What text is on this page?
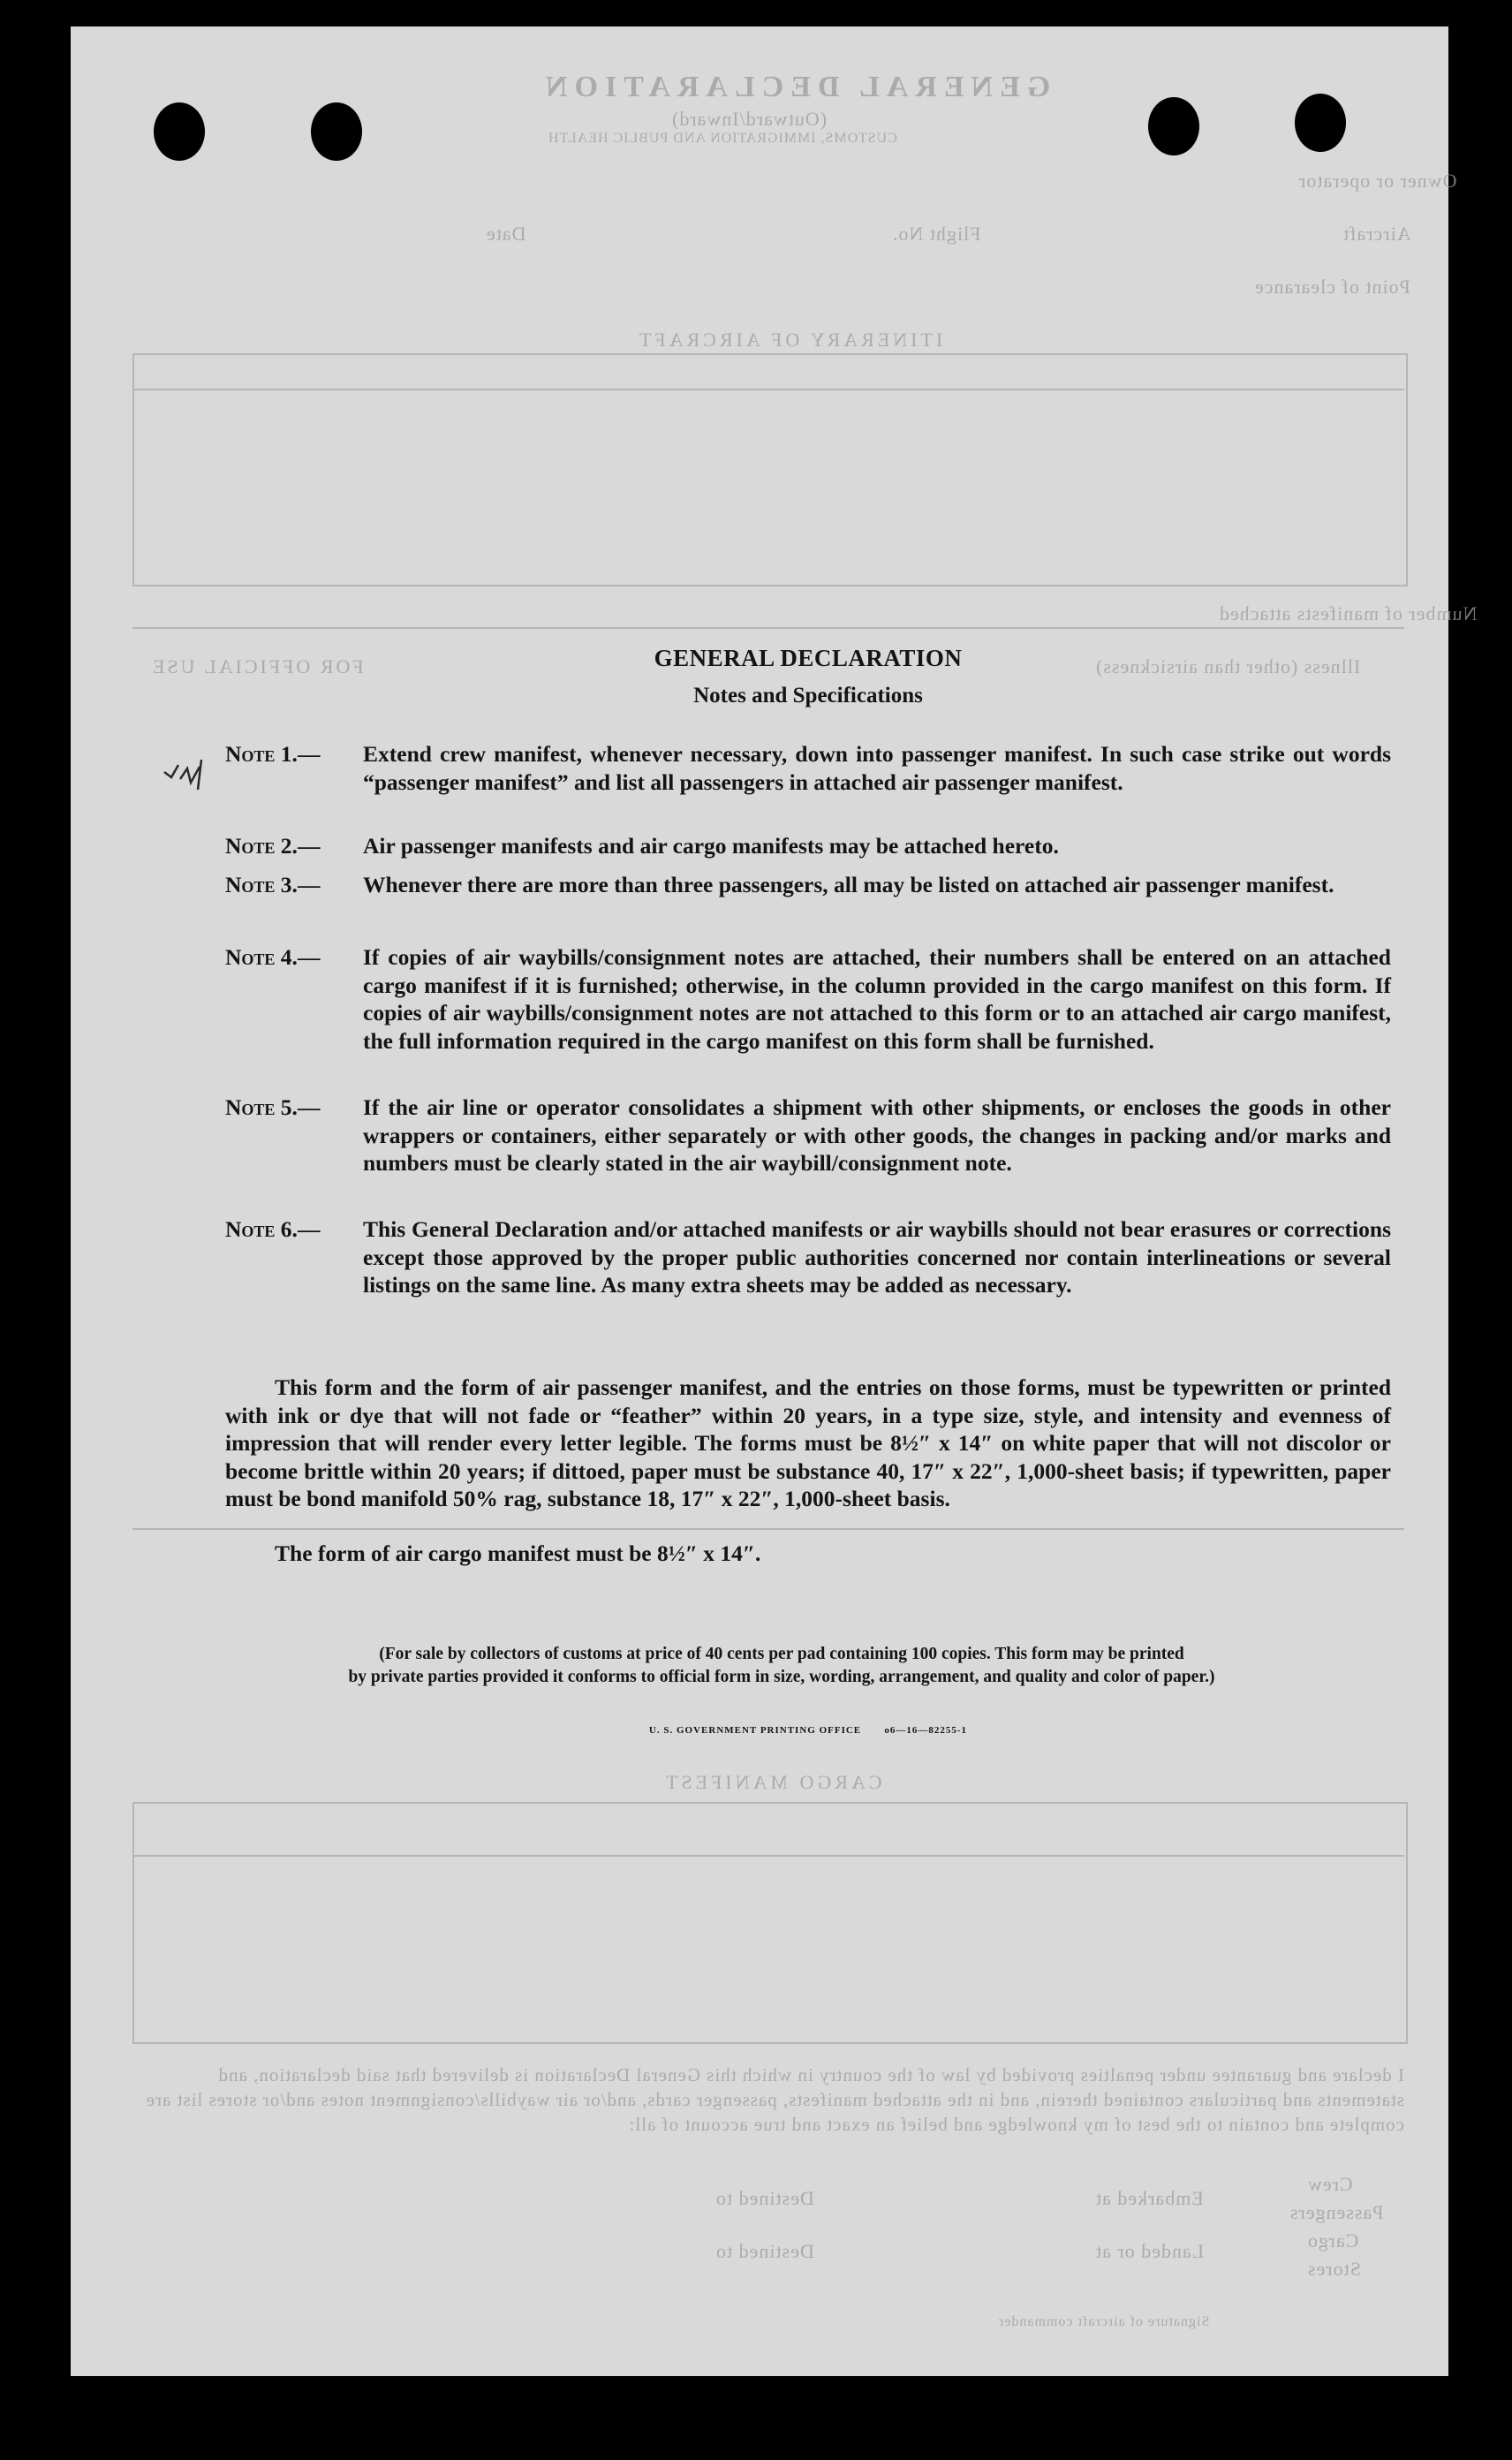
GENERAL DECLARATION
(Outward/Inward)
CUSTOMS, IMMIGRATION AND PUBLIC HEALTH
Owner or operator
Aircraft
Flight No.
Date
Point of clearance
ITINERARY OF AIRCRAFT
Number of manifests attached
Illness (other than airsickness)
FOR OFFICIAL USE
CARGO MANIFEST
I declare and guarantee under penalties provided by law of the country in which this General Declaration is delivered that said declaration, and statements and particulars contained therein, and in the attached manifests, passenger cards, and/or air waybills/consignment notes and/or stores list are complete and contain to the best of my knowledge and belief an exact and true account of all:
Crew
Passengers
Cargo
Stores
Embarked at
Landed or at
Destined to
Destined to
Signature of aircraft commander
GENERAL DECLARATION
Notes and Specifications
Note 1.— Extend crew manifest, whenever necessary, down into passenger manifest. In such case strike out words “passenger manifest” and list all passengers in attached air passenger manifest.
Note 2.— Air passenger manifests and air cargo manifests may be attached hereto.
Note 3.— Whenever there are more than three passengers, all may be listed on attached air passenger manifest.
Note 4.— If copies of air waybills/consignment notes are attached, their numbers shall be entered on an attached cargo manifest if it is furnished; otherwise, in the column provided in the cargo manifest on this form. If copies of air waybills/consignment notes are not attached to this form or to an attached air cargo manifest, the full information required in the cargo manifest on this form shall be furnished.
Note 5.— If the air line or operator consolidates a shipment with other shipments, or encloses the goods in other wrappers or containers, either separately or with other goods, the changes in packing and/or marks and numbers must be clearly stated in the air waybill/consignment note.
Note 6.— This General Declaration and/or attached manifests or air waybills should not bear erasures or corrections except those approved by the proper public authorities concerned nor contain interlineations or several listings on the same line. As many extra sheets may be added as necessary.
This form and the form of air passenger manifest, and the entries on those forms, must be typewritten or printed with ink or dye that will not fade or “feather” within 20 years, in a type size, style, and intensity and evenness of impression that will render every letter legible. The forms must be 8½″ x 14″ on white paper that will not discolor or become brittle within 20 years; if dittoed, paper must be substance 40, 17″ x 22″, 1,000-sheet basis; if typewritten, paper must be bond manifold 50% rag, substance 18, 17″ x 22″, 1,000-sheet basis.
The form of air cargo manifest must be 8½″ x 14″.
(For sale by collectors of customs at price of 40 cents per pad containing 100 copies. This form may be printed
by private parties provided it conforms to official form in size, wording, arrangement, and quality and color of paper.)
U. S. GOVERNMENT PRINTING OFFICE o6—16—82255-1
